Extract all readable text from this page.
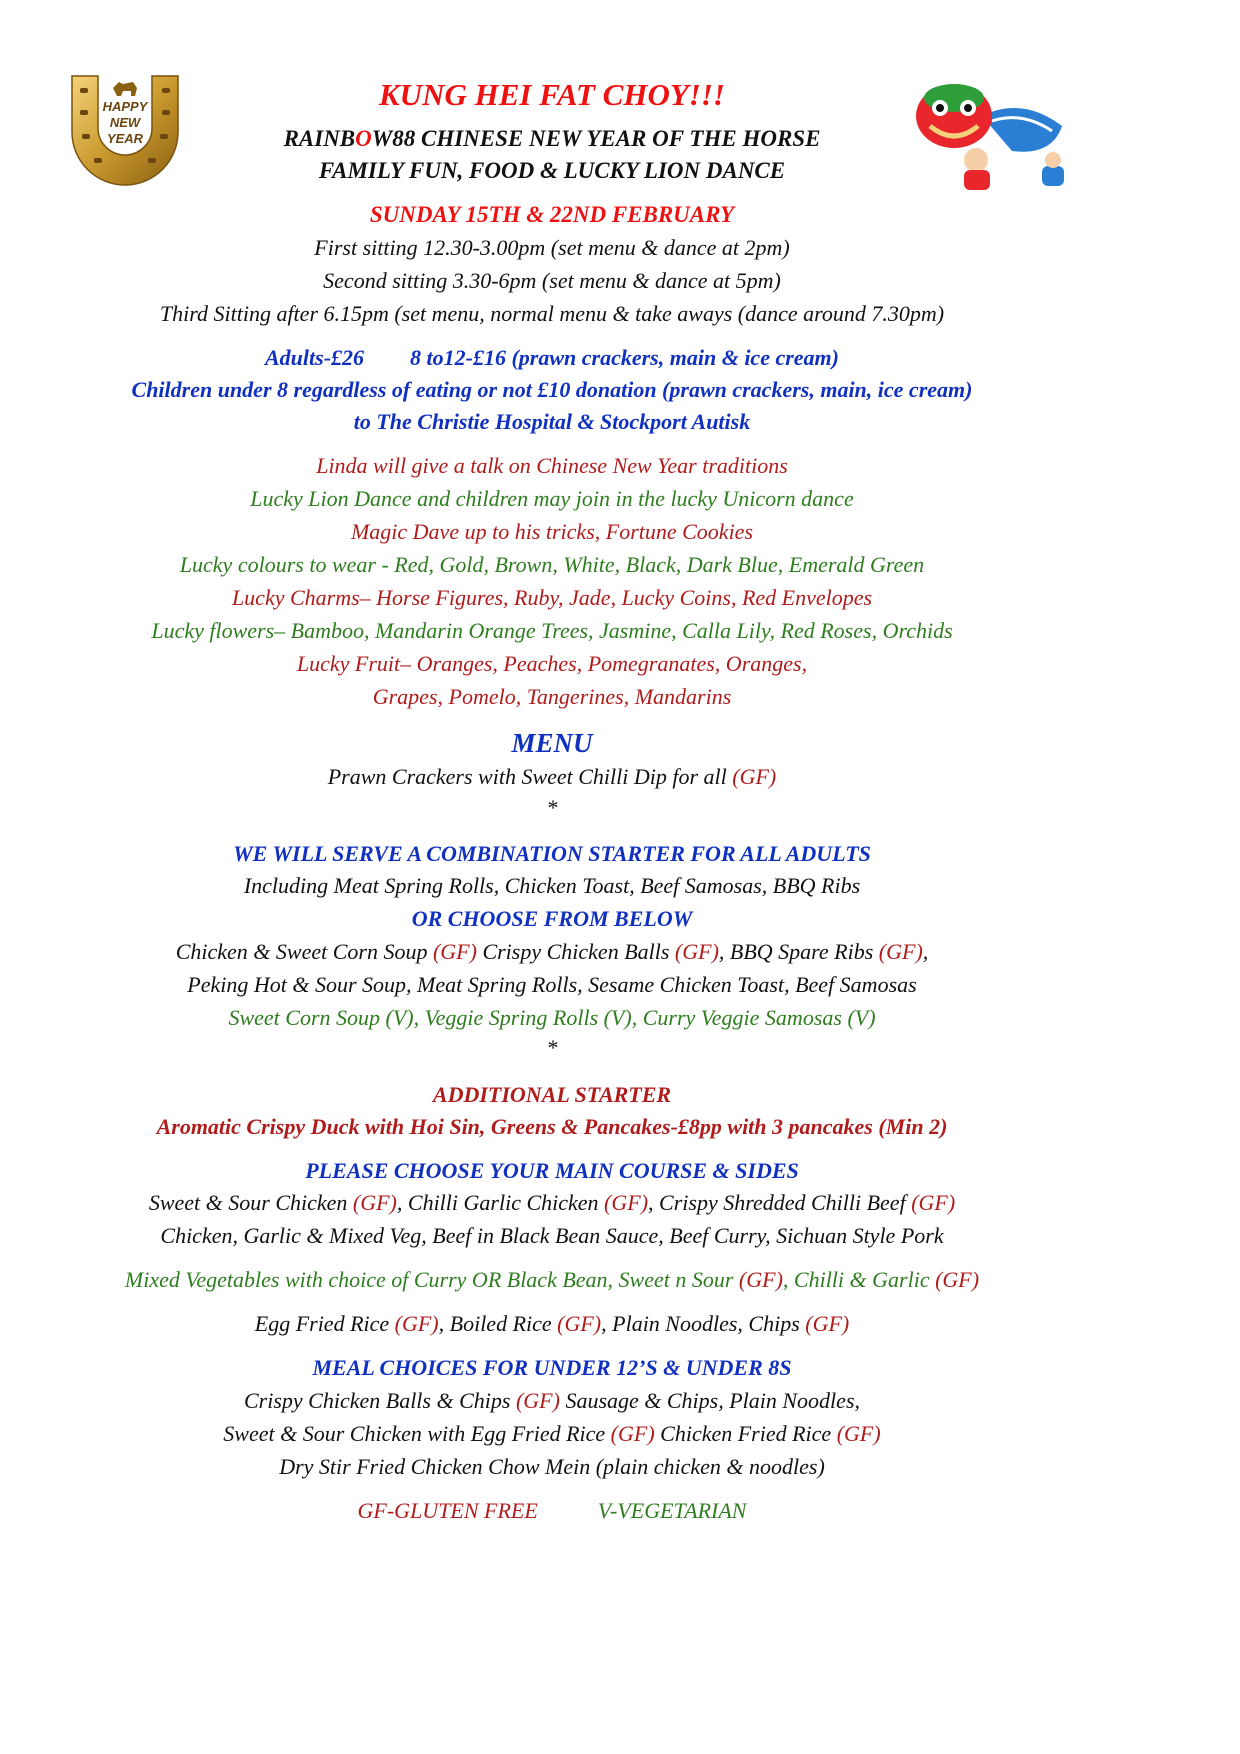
HAPPY
NEW
YEAR
KUNG HEI FAT CHOY!!!
RAINBOW88 CHINESE NEW YEAR OF THE HORSE
FAMILY FUN, FOOD & LUCKY LION DANCE
SUNDAY 15TH & 22ND FEBRUARY
First sitting 12.30-3.00pm (set menu & dance at 2pm)
Second sitting 3.30-6pm (set menu & dance at 5pm)
Third Sitting after 6.15pm (set menu, normal menu & take aways (dance around 7.30pm)
Adults-£26 8 to12-£16 (prawn crackers, main & ice cream)
Children under 8 regardless of eating or not £10 donation (prawn crackers, main, ice cream)
to The Christie Hospital & Stockport Autisk
Linda will give a talk on Chinese New Year traditions
Lucky Lion Dance and children may join in the lucky Unicorn dance
Magic Dave up to his tricks, Fortune Cookies
Lucky colours to wear - Red, Gold, Brown, White, Black, Dark Blue, Emerald Green
Lucky Charms– Horse Figures, Ruby, Jade, Lucky Coins, Red Envelopes
Lucky flowers– Bamboo, Mandarin Orange Trees, Jasmine, Calla Lily, Red Roses, Orchids
Lucky Fruit– Oranges, Peaches, Pomegranates, Oranges,
Grapes, Pomelo, Tangerines, Mandarins
MENU
Prawn Crackers with Sweet Chilli Dip for all (GF)
*
WE WILL SERVE A COMBINATION STARTER FOR ALL ADULTS
Including Meat Spring Rolls, Chicken Toast, Beef Samosas, BBQ Ribs
OR CHOOSE FROM BELOW
Chicken & Sweet Corn Soup (GF) Crispy Chicken Balls (GF), BBQ Spare Ribs (GF),
Peking Hot & Sour Soup, Meat Spring Rolls, Sesame Chicken Toast, Beef Samosas
Sweet Corn Soup (V), Veggie Spring Rolls (V), Curry Veggie Samosas (V)
*
ADDITIONAL STARTER
Aromatic Crispy Duck with Hoi Sin, Greens & Pancakes-£8pp with 3 pancakes (Min 2)
PLEASE CHOOSE YOUR MAIN COURSE & SIDES
Sweet & Sour Chicken (GF), Chilli Garlic Chicken (GF), Crispy Shredded Chilli Beef (GF)
Chicken, Garlic & Mixed Veg, Beef in Black Bean Sauce, Beef Curry, Sichuan Style Pork
Mixed Vegetables with choice of Curry OR Black Bean, Sweet n Sour (GF), Chilli & Garlic (GF)
Egg Fried Rice (GF), Boiled Rice (GF), Plain Noodles, Chips (GF)
MEAL CHOICES FOR UNDER 12’S & UNDER 8S
Crispy Chicken Balls & Chips (GF) Sausage & Chips, Plain Noodles,
Sweet & Sour Chicken with Egg Fried Rice (GF) Chicken Fried Rice (GF)
Dry Stir Fried Chicken Chow Mein (plain chicken & noodles)
GF-GLUTEN FREE	V-VEGETARIAN
